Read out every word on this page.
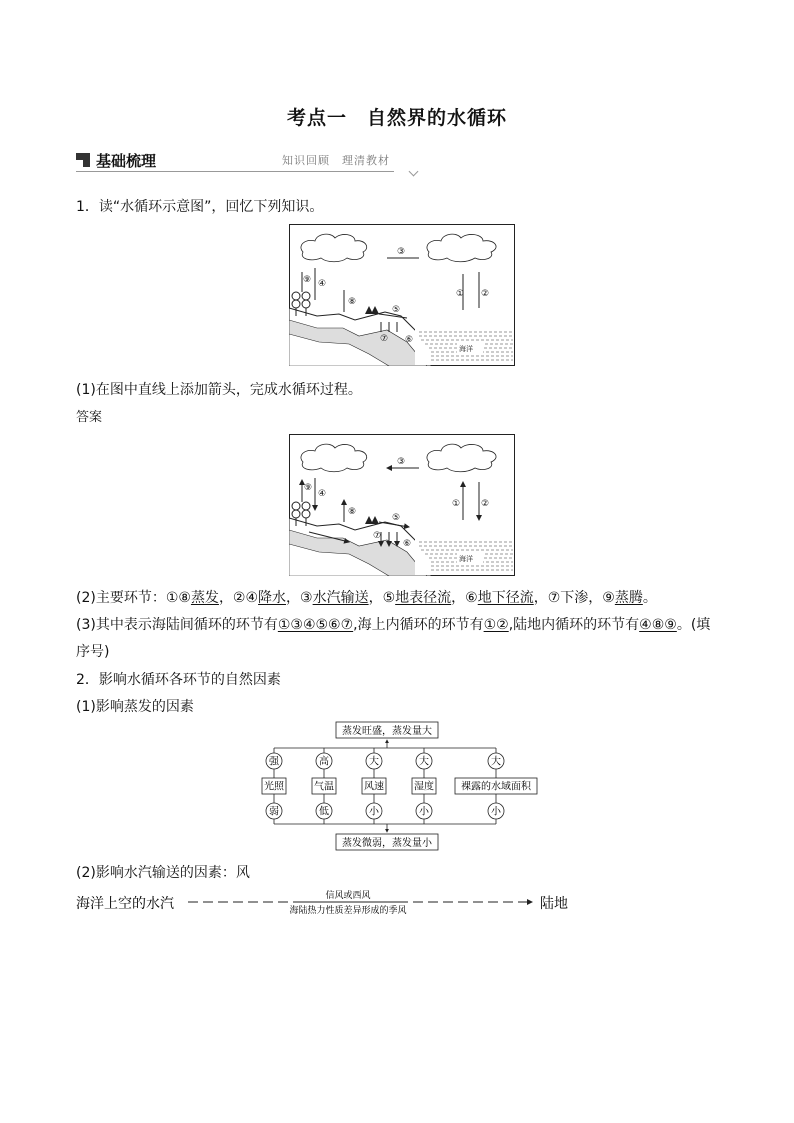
考点一　自然界的水循环
基础梳理	知识回顾　理清教材
1．读“水循环示意图”，回忆下列知识。
① ②
③
④
⑤
⑥
⑦
⑧
⑨
海洋
(1)在图中直线上添加箭头，完成水循环过程。
答案
① ②
③
④
⑤
⑥
⑦
⑧
⑨
海洋
(2)主要环节：①⑧蒸发，②④降水，③水汽输送，⑤地表径流，⑥地下径流，⑦下渗，⑨蒸腾。
(3)其中表示海陆间循环的环节有①③④⑤⑥⑦,海上内循环的环节有①②,陆地内循环的环节有④⑧⑨。(填
序号)
2．影响水循环各环节的自然因素
(1)影响蒸发的因素
强
弱
光照
高
低
气温
大
小
风速
大
小
湿度
大
小
裸露的水域面积
蒸发旺盛，蒸发量大
蒸发微弱，蒸发量小
(2)影响水汽输送的因素：风
海洋上空的水汽	信风或西风
海陆热力性质差异形成的季风	陆地
